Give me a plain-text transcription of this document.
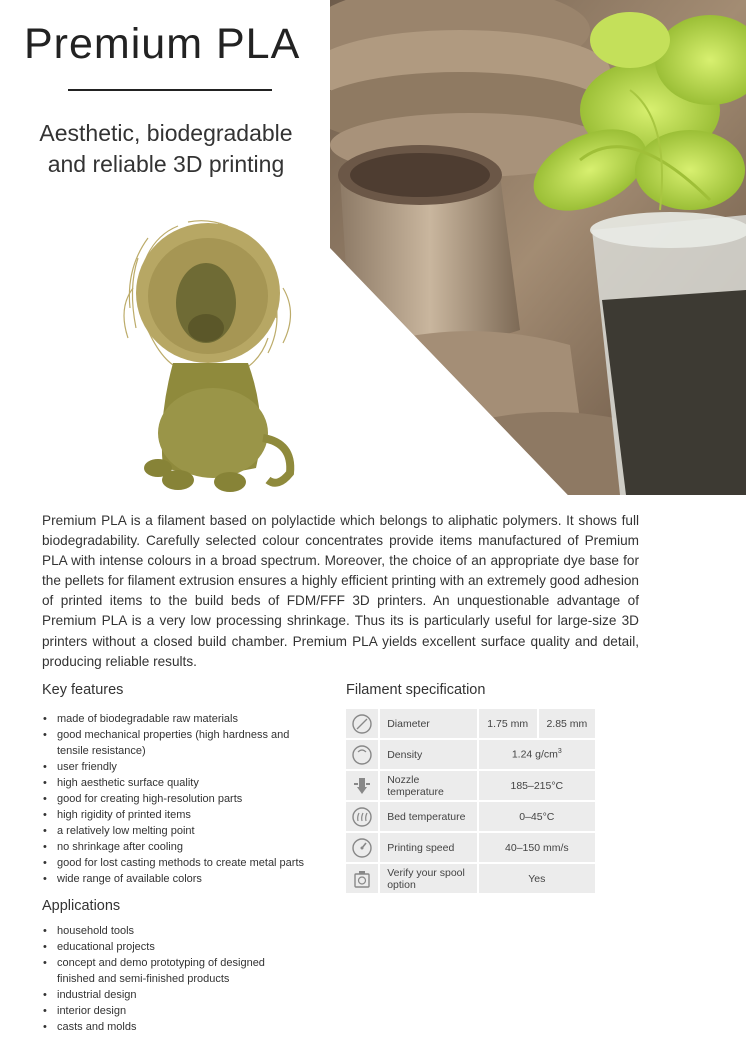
Premium PLA
Aesthetic, biodegradable
and reliable 3D printing

Premium PLA is a filament based on polylactide which belongs to aliphatic polymers. It shows full biodegradability. Carefully selected colour concentrates provide items manufactured of Premium PLA with intense colours in a broad spectrum. Moreover, the choice of an appropriate dye base for the pellets for filament extrusion ensures a highly efficient printing with an extremely good adhesion of printed items to the build beds of FDM/FFF 3D printers. An unquestionable advantage of Premium PLA is a very low processing shrinkage. Thus its is particularly useful for large-size 3D printers without a closed build chamber. Premium PLA yields excellent surface quality and detail, producing reliable results.

Key features
• made of biodegradable raw materials
• good mechanical properties (high hardness and tensile resistance)
• user friendly
• high aesthetic surface quality
• good for creating high-resolution parts
• high rigidity of printed items
• a relatively low melting point
• no shrinkage after cooling
• good for lost casting methods to create metal parts
• wide range of available colors
Applications
• household tools
• educational projects
• concept and demo prototyping of designed finished and semi-finished products
• industrial design
• interior design
• casts and molds
Filament specification
	Diameter	1.75 mm	2.85 mm

	Density	1.24 $g/cm^3$

	Nozzle temperature	185–215°C	

	Bed temperature	0–45°C	

	Printing speed	40–150 mm/s	

	Verify your spool option	Yes	
